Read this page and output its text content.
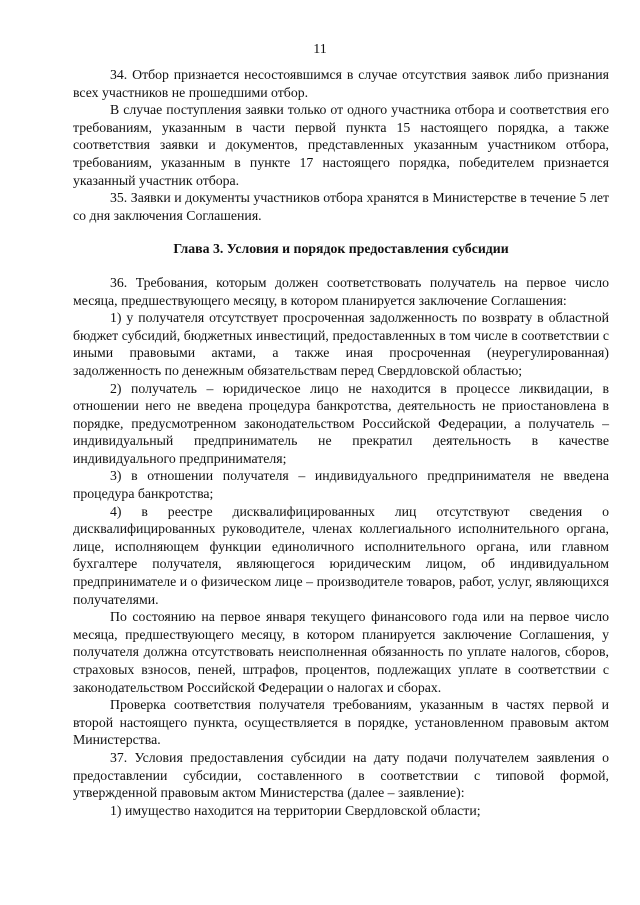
11

34. Отбор признается несостоявшимся в случае отсутствия заявок либо признания всех участников не прошедшими отбор.

В случае поступления заявки только от одного участника отбора и соответствия его требованиям, указанным в части первой пункта 15 настоящего порядка, а также соответствия заявки и документов, представленных указанным участником отбора, требованиям, указанным в пункте 17 настоящего порядка, победителем признается указанный участник отбора.

35. Заявки и документы участников отбора хранятся в Министерстве в течение 5 лет со дня заключения Соглашения.

Глава 3. Условия и порядок предоставления субсидии

36. Требования, которым должен соответствовать получатель на первое число месяца, предшествующего месяцу, в котором планируется заключение Соглашения:

1) у получателя отсутствует просроченная задолженность по возврату в областной бюджет субсидий, бюджетных инвестиций, предоставленных в том числе в соответствии с иными правовыми актами, а также иная просроченная (неурегулированная) задолженность по денежным обязательствам перед Свердловской областью;

2) получатель – юридическое лицо не находится в процессе ликвидации, в отношении него не введена процедура банкротства, деятельность не приостановлена в порядке, предусмотренном законодательством Российской Федерации, а получатель – индивидуальный предприниматель не прекратил деятельность в качестве индивидуального предпринимателя;

3) в отношении получателя – индивидуального предпринимателя не введена процедура банкротства;

4) в реестре дисквалифицированных лиц отсутствуют сведения о дисквалифицированных руководителе, членах коллегиального исполнительного органа, лице, исполняющем функции единоличного исполнительного органа, или главном бухгалтере получателя, являющегося юридическим лицом, об индивидуальном предпринимателе и о физическом лице – производителе товаров, работ, услуг, являющихся получателями.

По состоянию на первое января текущего финансового года или на первое число месяца, предшествующего месяцу, в котором планируется заключение Соглашения, у получателя должна отсутствовать неисполненная обязанность по уплате налогов, сборов, страховых взносов, пеней, штрафов, процентов, подлежащих уплате в соответствии с законодательством Российской Федерации о налогах и сборах.

Проверка соответствия получателя требованиям, указанным в частях первой и второй настоящего пункта, осуществляется в порядке, установленном правовым актом Министерства.

37. Условия предоставления субсидии на дату подачи получателем заявления о предоставлении субсидии, составленного в соответствии с типовой формой, утвержденной правовым актом Министерства (далее – заявление):

1) имущество находится на территории Свердловской области;
